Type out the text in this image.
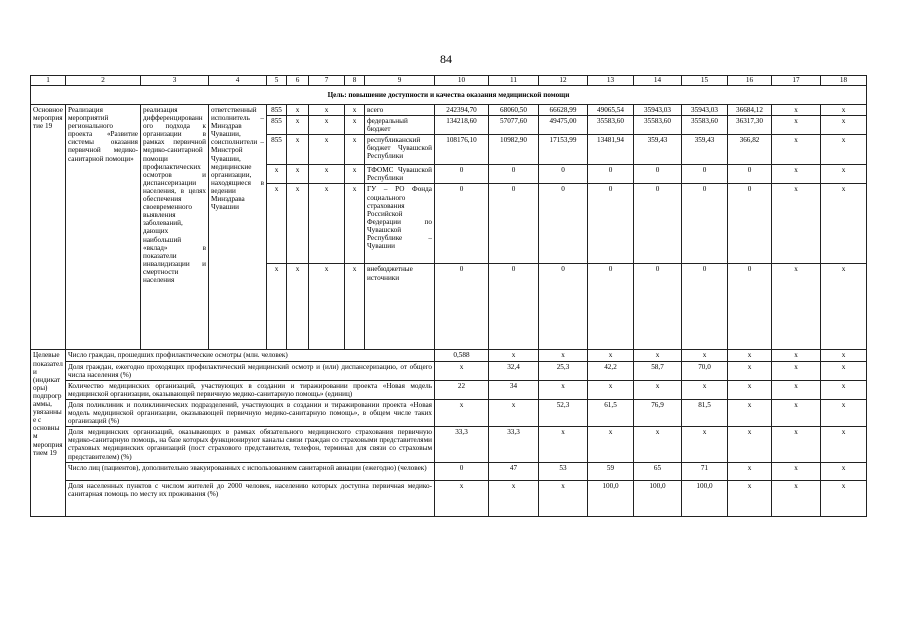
84
1	2	3	4	5	6	7	8	9	10	11	12	13	14	15	16	17	18
Цель: повышение доступности и качества оказания медицинской помощи																	
Основное мероприятие 19	Реализация мероприятий регионального проекта «Развитие системы оказания первичной медико-санитарной помощи»	реализация дифференцированного подхода к организации в рамках первичной медико-санитарной помощи профилактических осмотров и диспансеризации населения, в целях обеспечения своевременного выявления заболеваний, дающих наибольший «вклад» в показатели инвалидизации и смертности населения	ответственный исполнитель – Минздрав Чувашии, соисполнители – Минстрой Чувашии, медицинские организации, находящиеся в ведении Минздрава Чувашии	855	x	x	x	всего	242394,70	68060,50	66628,99	49065,54	35943,03	35943,03	36684,12	x	x
				855	x	x	x	федеральный бюджет	134218,60	57077,60	49475,00	35583,60	35583,60	35583,60	36317,30	x	x
				855	x	x	x	республиканский бюджет Чувашской Республики	108176,10	10982,90	17153,99	13481,94	359,43	359,43	366,82	x	x
				x	x	x	x	ТФОМС Чувашской Республики	0	0	0	0	0	0	0	x	x
				x	x	x	x	ГУ – РО Фонда социального страхования Российской Федерации по Чувашской Республике – Чувашии	0	0	0	0	0	0	0	x	x
				x	x	x	x	внебюджетные источники	0	0	0	0	0	0	0	x	x
Целевые показатели (индикаторы) подпрограммы, увязанные с основным мероприятием 19	Число граждан, прошедших профилактические осмотры (млн. человек)								0,588	x	x	x	x	x	x	x	x
	Доля граждан, ежегодно проходящих профилактический медицинский осмотр и (или) диспансеризацию, от общего числа населения (%)								x	32,4	25,3	42,2	58,7	70,0	x	x	x
	Количество медицинских организаций, участвующих в создании и тиражировании проекта «Новая модель медицинской организации, оказывающей первичную медико-санитарную помощь» (единиц)								22	34	x	x	x	x	x	x	x
	Доля поликлиник и поликлинических подразделений, участвующих в создании и тиражировании проекта «Новая модель медицинской организации, оказывающей первичную медико-санитарную помощь», в общем числе таких организаций (%)								x	x	52,3	61,5	76,9	81,5	x	x	x
	Доля медицинских организаций, оказывающих в рамках обязательного медицинского страхования первичную медико-санитарную помощь, на базе которых функционируют каналы связи граждан со страховыми представителями страховых медицинских организаций (пост страхового представителя, телефон, терминал для связи со страховым представителем) (%)								33,3	33,3	x	x	x	x	x	x	x
	Число лиц (пациентов), дополнительно эвакуированных с использованием санитарной авиации (ежегодно) (человек)								0	47	53	59	65	71	x	x	x
	Доля населенных пунктов с числом жителей до 2000 человек, населению которых доступна первичная медико-санитарная помощь по месту их проживания (%)								x	x	x	100,0	100,0	100,0	x	x	x
